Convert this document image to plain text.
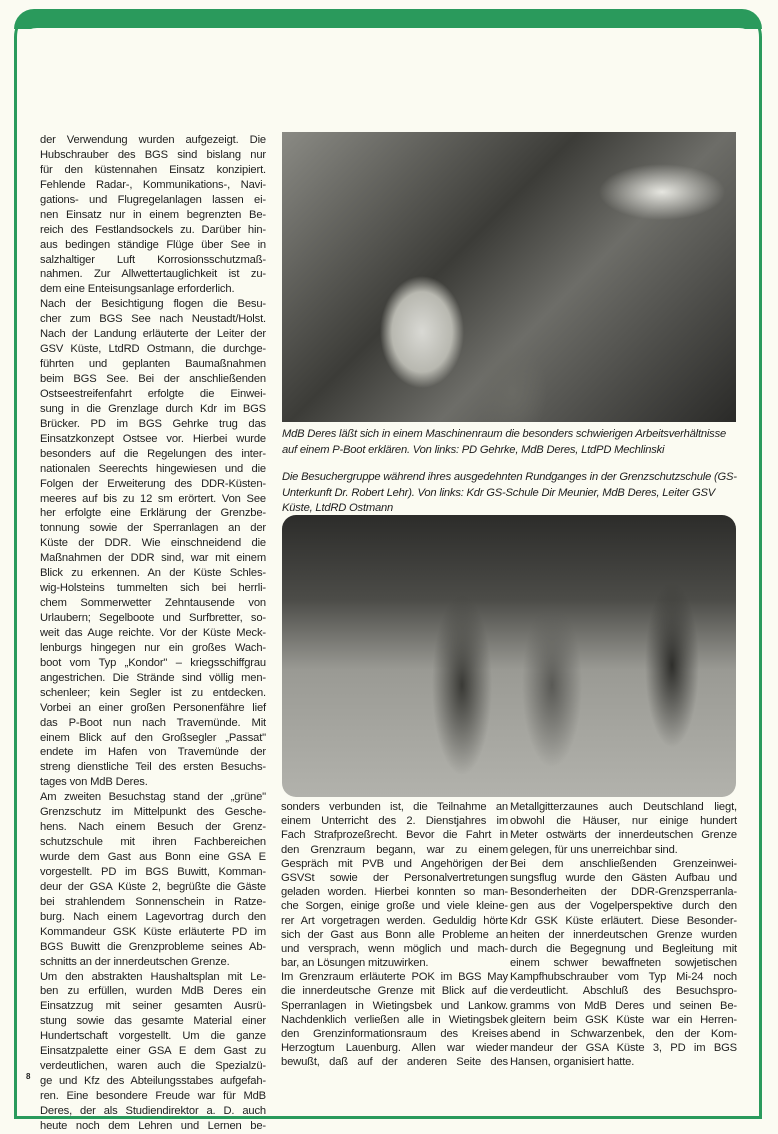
der Verwendung wurden aufgezeigt. Die
Hubschrauber des BGS sind bislang nur
für den küstennahen Einsatz konzipiert.
Fehlende Radar-, Kommunikations-, Navi-
gations- und Flugregelanlagen lassen ei-
nen Einsatz nur in einem begrenzten Be-
reich des Festlandsockels zu. Darüber hin-
aus bedingen ständige Flüge über See in
salzhaltiger Luft Korrosionsschutzmaß-
nahmen. Zur Allwettertauglichkeit ist zu-
dem eine Enteisungsanlage erforderlich.
Nach der Besichtigung flogen die Besu-
cher zum BGS See nach Neustadt/Holst.
Nach der Landung erläuterte der Leiter der
GSV Küste, LtdRD Ostmann, die durchge-
führten und geplanten Baumaßnahmen
beim BGS See. Bei der anschließenden
Ostseestreifenfahrt erfolgte die Einwei-
sung in die Grenzlage durch Kdr im BGS
Brücker. PD im BGS Gehrke trug das
Einsatzkonzept Ostsee vor. Hierbei wurde
besonders auf die Regelungen des inter-
nationalen Seerechts hingewiesen und die
Folgen der Erweiterung des DDR-Küsten-
meeres auf bis zu 12 sm erörtert. Von See
her erfolgte eine Erklärung der Grenzbe-
tonnung sowie der Sperranlagen an der
Küste der DDR. Wie einschneidend die
Maßnahmen der DDR sind, war mit einem
Blick zu erkennen. An der Küste Schles-
wig-Holsteins tummelten sich bei herrli-
chem Sommerwetter Zehntausende von
Urlaubern; Segelboote und Surfbretter, so-
weit das Auge reichte. Vor der Küste Meck-
lenburgs hingegen nur ein großes Wach-
boot vom Typ „Kondor" – kriegsschiffgrau
angestrichen. Die Strände sind völlig men-
schenleer; kein Segler ist zu entdecken.
Vorbei an einer großen Personenfähre lief
das P-Boot nun nach Travemünde. Mit
einem Blick auf den Großsegler „Passat"
endete im Hafen von Travemünde der
streng dienstliche Teil des ersten Besuchs-
tages von MdB Deres.
Am zweiten Besuchstag stand der „grüne"
Grenzschutz im Mittelpunkt des Gesche-
hens. Nach einem Besuch der Grenz-
schutzschule mit ihren Fachbereichen
wurde dem Gast aus Bonn eine GSA E
vorgestellt. PD im BGS Buwitt, Komman-
deur der GSA Küste 2, begrüßte die Gäste
bei strahlendem Sonnenschein in Ratze-
burg. Nach einem Lagevortrag durch den
Kommandeur GSK Küste erläuterte PD im
BGS Buwitt die Grenzprobleme seines Ab-
schnitts an der innerdeutschen Grenze.
Um den abstrakten Haushaltsplan mit Le-
ben zu erfüllen, wurden MdB Deres ein
Einsatzzug mit seiner gesamten Ausrü-
stung sowie das gesamte Material einer
Hundertschaft vorgestellt. Um die ganze
Einsatzpalette einer GSA E dem Gast zu
verdeutlichen, waren auch die Spezialzü-
ge und Kfz des Abteilungsstabes aufgefah-
ren. Eine besondere Freude war für MdB
Deres, der als Studiendirektor a. D. auch
heute noch dem Lehren und Lernen be-
MdB Deres läßt sich in einem Maschinenraum die besonders schwierigen Arbeitsverhältnisse auf einem P-Boot erklären. Von links: PD Gehrke, MdB Deres, LtdPD Mechlinski
Die Besuchergruppe während ihres ausgedehnten Rundganges in der Grenzschutzschule (GS-Unterkunft Dr. Robert Lehr). Von links: Kdr GS-Schule Dir Meunier, MdB Deres, Leiter GSV Küste, LtdRD Ostmann
sonders verbunden ist, die Teilnahme an
einem Unterricht des 2. Dienstjahres im
Fach Strafprozeßrecht. Bevor die Fahrt in
den Grenzraum begann, war zu einem
Gespräch mit PVB und Angehörigen der
GSVSt sowie der Personalvertretungen
geladen worden. Hierbei konnten so man-
che Sorgen, einige große und viele kleine-
rer Art vorgetragen werden. Geduldig hörte
sich der Gast aus Bonn alle Probleme an
und versprach, wenn möglich und mach-
bar, an Lösungen mitzuwirken.
Im Grenzraum erläuterte POK im BGS May
die innerdeutsche Grenze mit Blick auf die
Sperranlagen in Wietingsbek und Lankow.
Nachdenklich verließen alle in Wietingsbek
den Grenzinformationsraum des Kreises
Herzogtum Lauenburg. Allen war wieder
bewußt, daß auf der anderen Seite des
Metallgitterzaunes auch Deutschland liegt,
obwohl die Häuser, nur einige hundert
Meter ostwärts der innerdeutschen Grenze
gelegen, für uns unerreichbar sind.
Bei dem anschließenden Grenzeinwei-
sungsflug wurde den Gästen Aufbau und
Besonderheiten der DDR-Grenzsperranla-
gen aus der Vogelperspektive durch den
Kdr GSK Küste erläutert. Diese Besonder-
heiten der innerdeutschen Grenze wurden
durch die Begegnung und Begleitung mit
einem schwer bewaffneten sowjetischen
Kampfhubschrauber vom Typ Mi-24 noch
verdeutlicht. Abschluß des Besuchspro-
gramms von MdB Deres und seinen Be-
gleitern beim GSK Küste war ein Herren-
abend in Schwarzenbek, den der Kom-
mandeur der GSA Küste 3, PD im BGS
Hansen, organisiert hatte.
8
